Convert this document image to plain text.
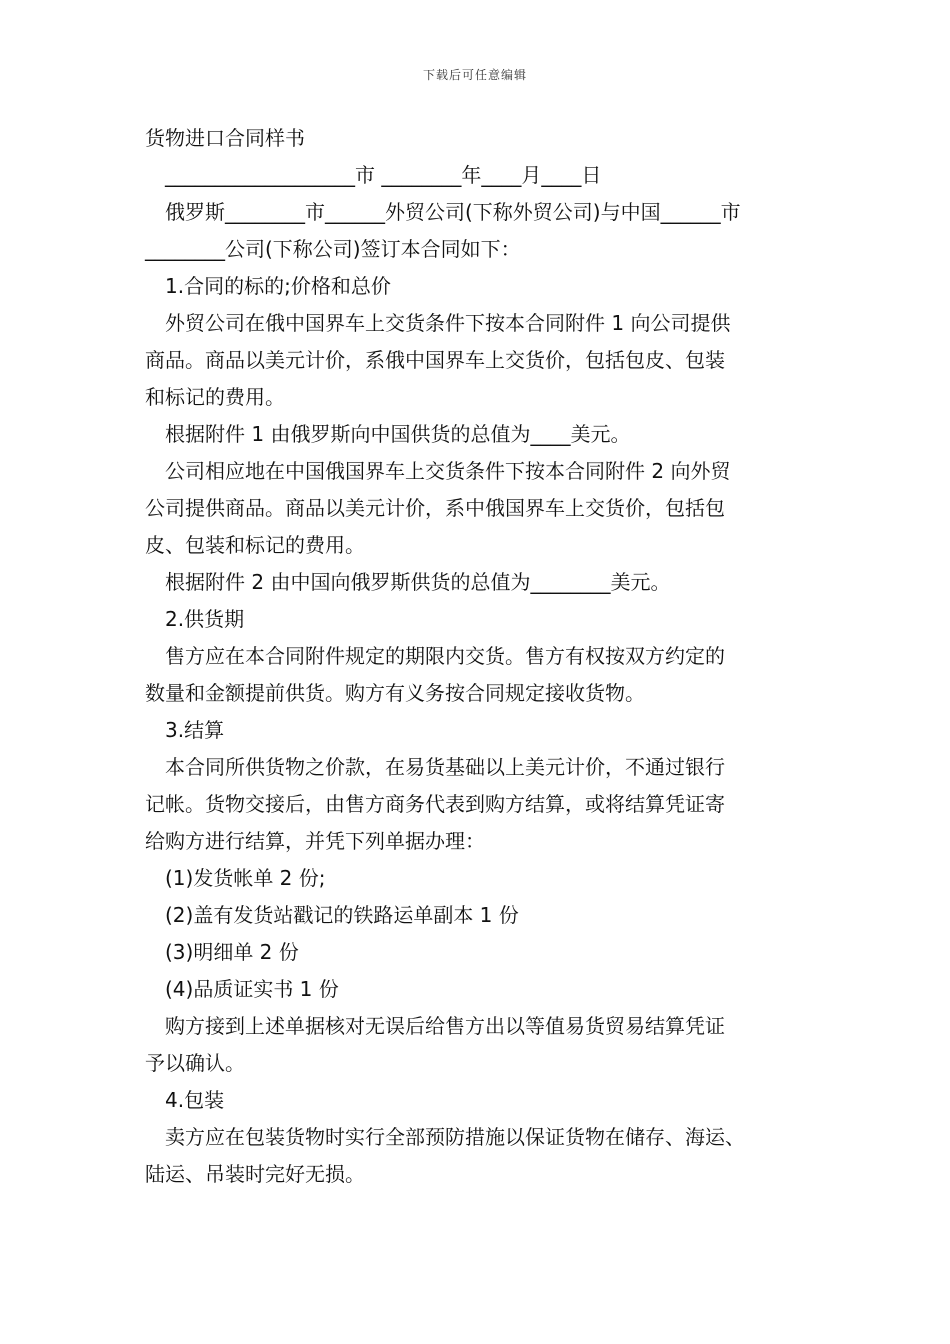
下载后可任意编辑
货物进口合同样书
___________________市 ________年____月____日
俄罗斯________市______外贸公司(下称外贸公司)与中国______市
________公司(下称公司)签订本合同如下：
1.合同的标的;价格和总价
外贸公司在俄中国界车上交货条件下按本合同附件 1 向公司提供
商品。商品以美元计价，系俄中国界车上交货价，包括包皮、包装
和标记的费用。
根据附件 1 由俄罗斯向中国供货的总值为____美元。
公司相应地在中国俄国界车上交货条件下按本合同附件 2 向外贸
公司提供商品。商品以美元计价，系中俄国界车上交货价，包括包
皮、包装和标记的费用。
根据附件 2 由中国向俄罗斯供货的总值为________美元。
2.供货期
售方应在本合同附件规定的期限内交货。售方有权按双方约定的
数量和金额提前供货。购方有义务按合同规定接收货物。
3.结算
本合同所供货物之价款，在易货基础以上美元计价，不通过银行
记帐。货物交接后，由售方商务代表到购方结算，或将结算凭证寄
给购方进行结算，并凭下列单据办理：
(1)发货帐单 2 份;
(2)盖有发货站戳记的铁路运单副本 1 份
(3)明细单 2 份
(4)品质证实书 1 份
购方接到上述单据核对无误后给售方出以等值易货贸易结算凭证
予以确认。
4.包装
卖方应在包装货物时实行全部预防措施以保证货物在储存、海运、
陆运、吊装时完好无损。
